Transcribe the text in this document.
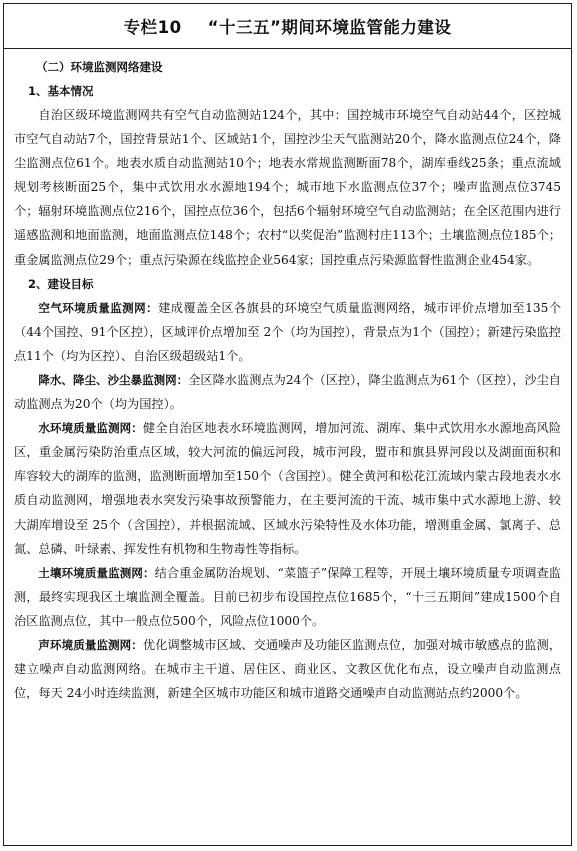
专栏10 “十三五”期间环境监管能力建设
（二）环境监测网络建设
1、基本情况

自治区级环境监测网共有空气自动监测站124个，其中：国控城市环境空气自动站44个，区控城市空气自动站7个，国控背景站1个、区域站1个，国控沙尘天气监测站20个，降水监测点位24个，降尘监测点位61个。地表水质自动监测站10个；地表水常规监测断面78个，湖库垂线25条；重点流域规划考核断面25个，集中式饮用水水源地194个；城市地下水监测点位37个；噪声监测点位3745个；辐射环境监测点位216个，国控点位36个，包括6个辐射环境空气自动监测站；在全区范围内进行遥感监测和地面监测，地面监测点位148个；农村“以奖促治”监测村庄113个；土壤监测点位185个；重金属监测点位29个；重点污染源在线监控企业564家；国控重点污染源监督性监测企业454家。

2、建设目标

空气环境质量监测网：建成覆盖全区各旗县的环境空气质量监测网络，城市评价点增加至135个（44个国控、91个区控），区域评价点增加至 2个（均为国控），背景点为1个（国控）；新建污染监控点11个（均为区控）、自治区级超级站1个。

降水、降尘、沙尘暴监测网：全区降水监测点为24个（区控），降尘监测点为61个（区控），沙尘自动监测点为20个（均为国控）。

水环境质量监测网：健全自治区地表水环境监测网，增加河流、湖库、集中式饮用水水源地高风险区，重金属污染防治重点区域，较大河流的偏远河段，城市河段，盟市和旗县界河段以及湖面面积和库容较大的湖库的监测，监测断面增加至150个（含国控）。健全黄河和松花江流域内蒙古段地表水水质自动监测网，增强地表水突发污染事故预警能力，在主要河流的干流、城市集中式水源地上游、较大湖库增设至 25个（含国控），并根据流域、区域水污染特性及水体功能，增测重金属、氯离子、总氮、总磷、叶绿素、挥发性有机物和生物毒性等指标。

土壤环境质量监测网：结合重金属防治规划、“菜篮子”保障工程等，开展土壤环境质量专项调查监测，最终实现我区土壤监测全覆盖。目前已初步布设国控点位1685个，“十三五期间”建成1500个自治区监测点位，其中一般点位500个，风险点位1000个。

声环境质量监测网：优化调整城市区域、交通噪声及功能区监测点位，加强对城市敏感点的监测，建立噪声自动监测网络。在城市主干道、居住区、商业区、文教区优化布点，设立噪声自动监测点位，每天 24小时连续监测，新建全区城市功能区和城市道路交通噪声自动监测站点约2000个。
